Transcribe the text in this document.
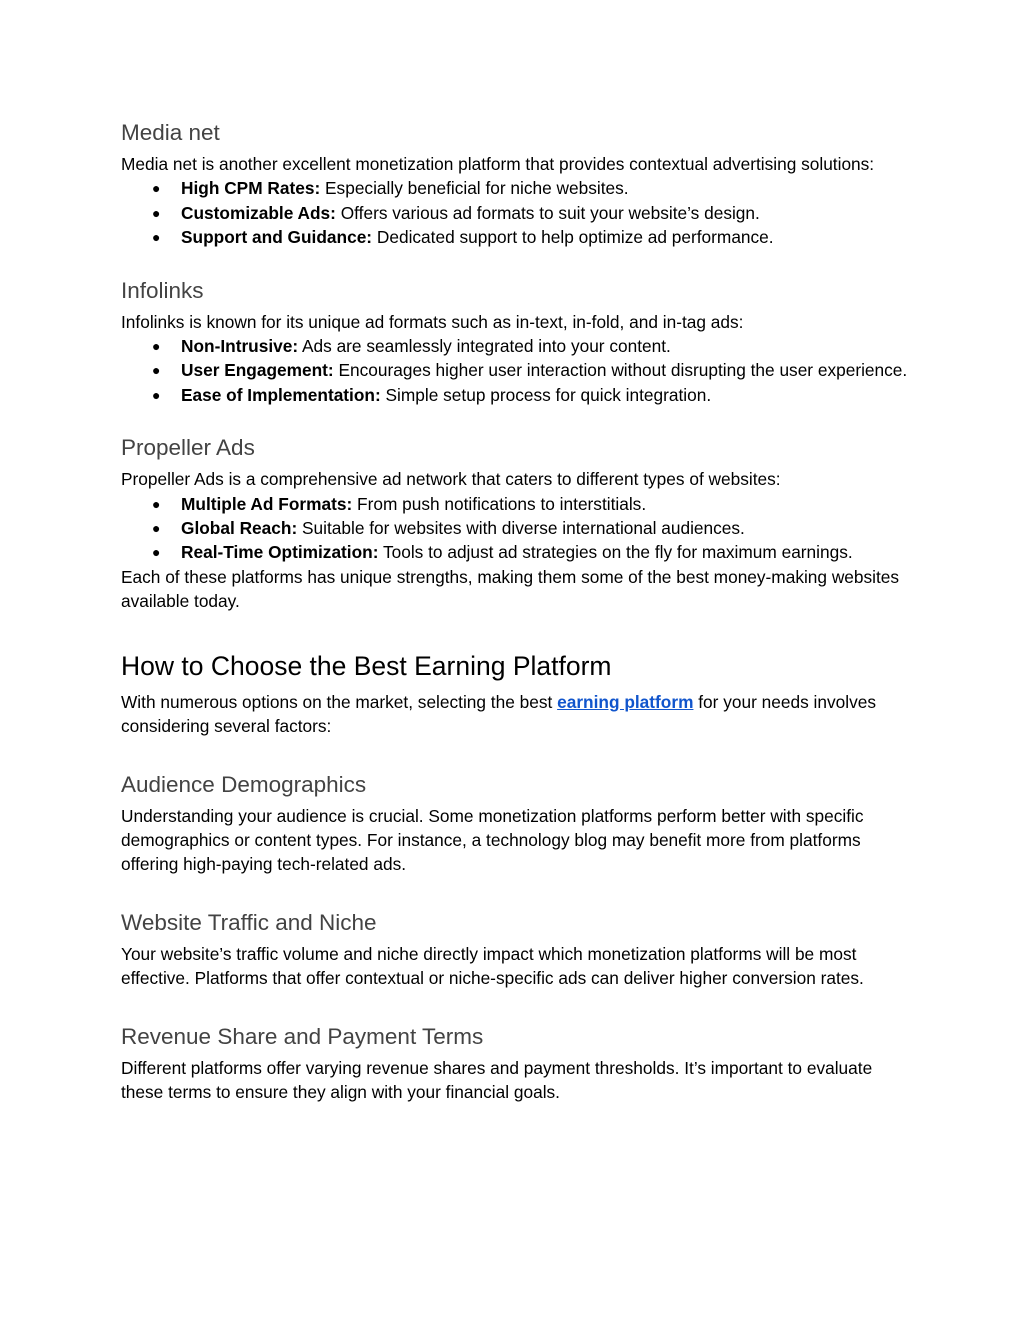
Media net

Media net is another excellent monetization platform that provides contextual advertising solutions:

● High CPM Rates: Especially beneficial for niche websites.
● Customizable Ads: Offers various ad formats to suit your website’s design.
● Support and Guidance: Dedicated support to help optimize ad performance.
Infolinks

Infolinks is known for its unique ad formats such as in-text, in-fold, and in-tag ads:

● Non-Intrusive: Ads are seamlessly integrated into your content.
● User Engagement: Encourages higher user interaction without disrupting the user experience.
● Ease of Implementation: Simple setup process for quick integration.
Propeller Ads

Propeller Ads is a comprehensive ad network that caters to different types of websites:

● Multiple Ad Formats: From push notifications to interstitials.
● Global Reach: Suitable for websites with diverse international audiences.
● Real-Time Optimization: Tools to adjust ad strategies on the fly for maximum earnings.

Each of these platforms has unique strengths, making them some of the best money-making websites available today.

How to Choose the Best Earning Platform

With numerous options on the market, selecting the best earning platform for your needs involves considering several factors:

Audience Demographics

Understanding your audience is crucial. Some monetization platforms perform better with specific demographics or content types. For instance, a technology blog may benefit more from platforms offering high-paying tech-related ads.

Website Traffic and Niche

Your website’s traffic volume and niche directly impact which monetization platforms will be most effective. Platforms that offer contextual or niche-specific ads can deliver higher conversion rates.

Revenue Share and Payment Terms

Different platforms offer varying revenue shares and payment thresholds. It’s important to evaluate these terms to ensure they align with your financial goals.
